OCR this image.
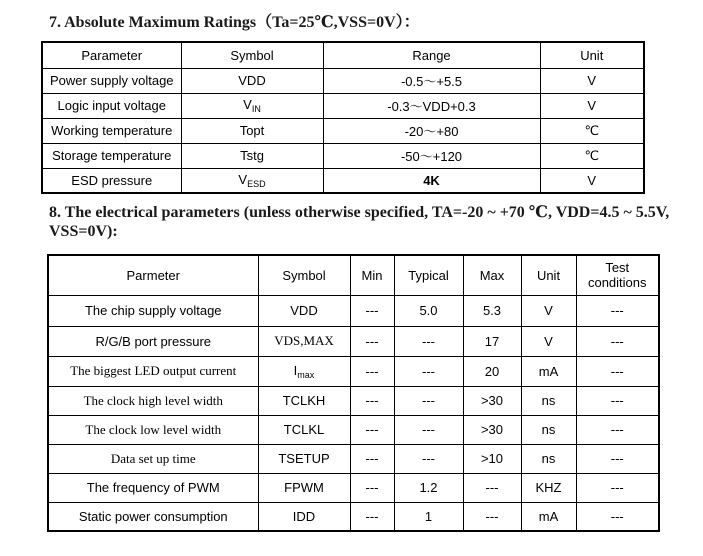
7. Absolute Maximum Ratings（Ta=25℃,VSS=0V）：
Parameter	Symbol	Range	Unit
Power supply voltage	VDD	-0.5～+5.5	V
Logic input voltage	$V_{IN}$	-0.3～VDD+0.3	V
Working temperature	Topt	-20～+80	℃
Storage temperature	Tstg	-50～+120	℃
ESD pressure	$V_{ESD}$	4K	V
8. The electrical parameters (unless otherwise specified, TA=-20 ~ +70 ℃, VDD=4.5 ~ 5.5V,
VSS=0V):
Parmeter	Symbol	Min	Typical	Max	Unit	Test conditions
The chip supply voltage	VDD	---	5.0	5.3	V	---
R/G/B port pressure	VDS,MAX	---	---	17	V	---
The biggest LED output current	$I_{max}$	---	---	20	mA	---
The clock high level width	TCLKH	---	---	>30	ns	---
The clock low level width	TCLKL	---	---	>30	ns	---
Data set up time	TSETUP	---	---	>10	ns	---
The frequency of PWM	FPWM	---	1.2	---	KHZ	---
Static power consumption	IDD	---	1	---	mA	---
